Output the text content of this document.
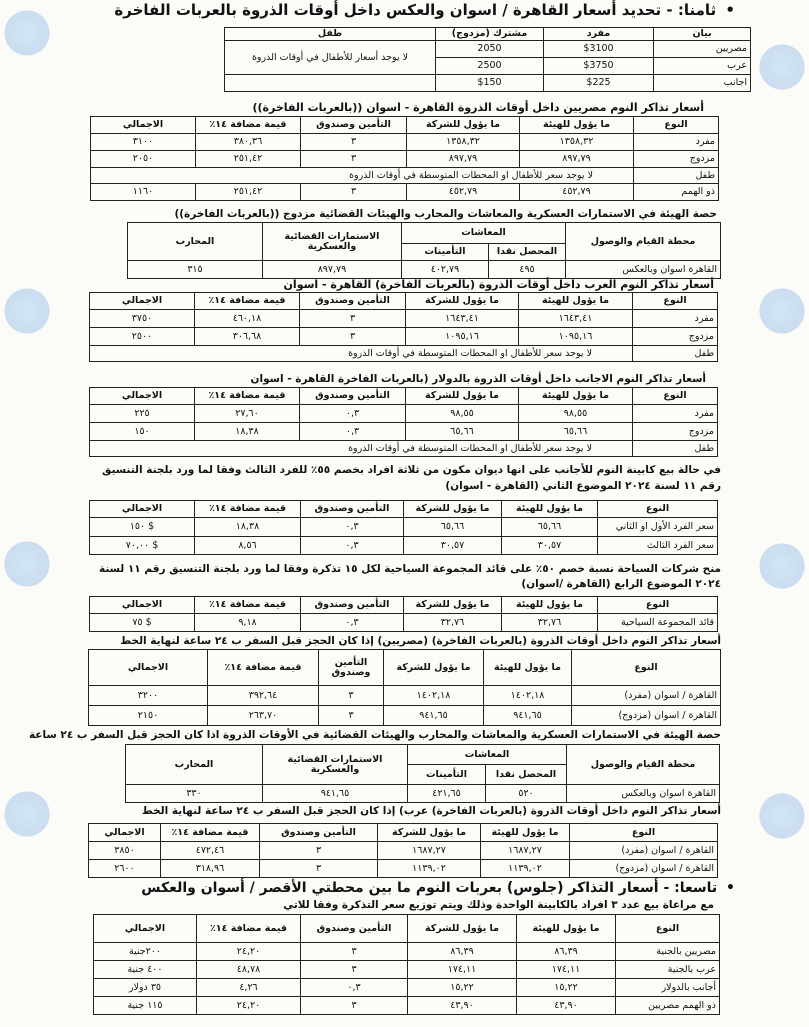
• ثامنا: - تحديد أسعار القاهرة / اسوان والعكس داخل أوقات الذروة بالعربات الفاخرة
بيان	مفرد	مشترك (مزدوج)	طفل
مصريين	$3100	2050	لا يوجد أسعار للأطفال في أوقات الذروة
عرب	$3750	2500	
اجانب	$225	$150	
أسعار تذاكر النوم مصريين داخل أوقات الذروة القاهرة - اسوان ((بالعربات الفاخرة))
النوع	ما يؤول للهيئة	ما يؤول للشركة	التأمين وصندوق	قيمة مضافة ١٤٪	الاجمالي
مفرد	١٣٥٨,٣٢	١٣٥٨,٣٢	٣	٣٨٠,٣٦	٣١٠٠
مزدوج	٨٩٧,٧٩	٨٩٧,٧٩	٣	٢٥١,٤٢	٢٠٥٠
طفل	لا يوجد سعر للأطفال او المحطات المتوسطة في أوقات الذروة				
ذو الهمم	٤٥٢,٧٩	٤٥٢,٧٩	٣	٢٥١,٤٢	١١٦٠
حصة الهيئة في الاستمارات العسكرية والمعاشات والمحارب والهيئات القضائية مزدوج ((بالعربات الفاخرة))
محطة القيام والوصول	المعاشات		الاستمارات القضائية والعسكرية	المحارب
	المحصل نقدا	التأمينات		
القاهرة اسوان وبالعكس	٤٩٥	٤٠٢,٧٩	٨٩٧,٧٩	٣١٥
أسعار تذاكر النوم العرب داخل أوقات الذروة (بالعربات الفاخرة) القاهرة - اسوان
النوع	ما يؤول للهيئة	ما يؤول للشركة	التأمين وصندوق	قيمة مضافة ١٤٪	الاجمالي
مفرد	١٦٤٣,٤١	١٦٤٣,٤١	٣	٤٦٠,١٨	٣٧٥٠
مزدوج	١٠٩٥,١٦	١٠٩٥,١٦	٣	٣٠٦,٦٨	٢٥٠٠
طفل	لا يوجد سعر للأطفال او المحطات المتوسطة في أوقات الذروة				
أسعار تذاكر النوم الاجانب داخل أوقات الذروة بالدولار (بالعربات الفاخرة القاهرة - اسوان
النوع	ما يؤول للهيئة	ما يؤول للشركة	التأمين وصندوق	قيمة مضافة ١٤٪	الاجمالي
مفرد	٩٨,٥٥	٩٨,٥٥	٠,٣	٢٧,٦٠	٢٢٥
مزدوج	٦٥,٦٦	٦٥,٦٦	٠,٣	١٨,٣٨	١٥٠
طفل	لا يوجد سعر للأطفال او المحطات المتوسطة في أوقات الذروة				
في حالة بيع كابينة النوم للأجانب على انها ديوان مكون من ثلاثة افراد بخصم ٥٥٪ للفرد الثالث وفقا لما ورد بلجنة التنسيق
رقم ١١ لسنة ٢٠٢٤ الموضوع الثاني (القاهرة - اسوان)
النوع	ما يؤول للهيئة	ما يؤول للشركة	التأمين وصندوق	قيمة مضافة ١٤٪	الاجمالي
سعر الفرد الأول او الثاني	٦٥,٦٦	٦٥,٦٦	٠,٣	١٨,٣٨	$ ١٥٠
سعر الفرد الثالث	٣٠,٥٧	٣٠,٥٧	٠,٣	٨,٥٦	$ ٧٠,٠٠
منح شركات السياحة نسبة خصم ٥٠٪ على قائد المجموعة السياحية لكل ١٥ تذكرة وفقا لما ورد بلجنة التنسيق رقم ١١ لسنة
٢٠٢٤ الموضوع الرابع (القاهرة /اسوان)
النوع	ما يؤول للهيئة	ما يؤول للشركة	التأمين وصندوق	قيمة مضافة ١٤٪	الاجمالي
قائد المجموعة السياحية	٣٢,٧٦	٣٢,٧٦	٠,٣	٩,١٨	$ ٧٥
أسعار تذاكر النوم داخل أوقات الذروة (بالعربات الفاخرة) (مصريين) إذا كان الحجز قبل السفر ب ٢٤ ساعة لنهاية الخط
النوع	ما يؤول للهيئة	ما يؤول للشركة	التأمين وصندوق	قيمة مضافة ١٤٪	الاجمالي
القاهرة / اسوان (مفرد)	١٤٠٢,١٨	١٤٠٢,١٨	٣	٣٩٢,٦٤	٣٢٠٠
القاهرة / اسوان (مزدوج)	٩٤١,٦٥	٩٤١,٦٥	٣	٢٦٣,٧٠	٢١٥٠
حصة الهيئة في الاستمارات العسكرية والمعاشات والمحارب والهيئات القضائية في الأوقات الذروة اذا كان الحجز قبل السفر ب ٢٤ ساعة
محطة القيام والوصول	المعاشات		الاستمارات القضائية والعسكرية	المحارب
	المحصل نقدا	التأمينات		
القاهرة اسوان وبالعكس	٥٢٠	٤٢١,٦٥	٩٤١,٦٥	٣٣٠
أسعار تذاكر النوم داخل أوقات الذروة (بالعربات الفاخرة) عرب) إذا كان الحجز قبل السفر ب ٢٤ ساعة لنهاية الخط
النوع	ما يؤول للهيئة	ما يؤول للشركة	التأمين وصندوق	قيمة مضافة ١٤٪	الاجمالي
القاهرة / اسوان (مفرد)	١٦٨٧,٢٧	١٦٨٧,٢٧	٣	٤٧٢,٤٦	٣٨٥٠
القاهرة / اسوان (مزدوج)	١١٣٩,٠٢	١١٣٩,٠٢	٣	٣١٨,٩٦	٢٦٠٠
• تاسعا: - أسعار التذاكر (جلوس) بعربات النوم ما بين محطتي الأقصر / أسوان والعكس
مع مراعاة بيع عدد ٣ افراد بالكابينة الواحدة وذلك ويتم توزيع سعر التذكرة وفقا للاتي
النوع	ما يؤول للهيئة	ما يؤول للشركة	التأمين وصندوق	قيمة مضافة ١٤٪	الاجمالي
مصريين بالجنية	٨٦,٣٩	٨٦,٣٩	٣	٢٤,٢٠	٢٠٠جنية
عرب بالجنية	١٧٤,١١	١٧٤,١١	٣	٤٨,٧٨	٤٠٠ جنية
أجانب بالدولار	١٥,٢٢	١٥,٢٢	٠,٣	٤,٢٦	٣٥ دولار
ذو الهمم مصريين	٤٣,٩٠	٤٣,٩٠	٣	٢٤,٢٠	١١٥ جنية
